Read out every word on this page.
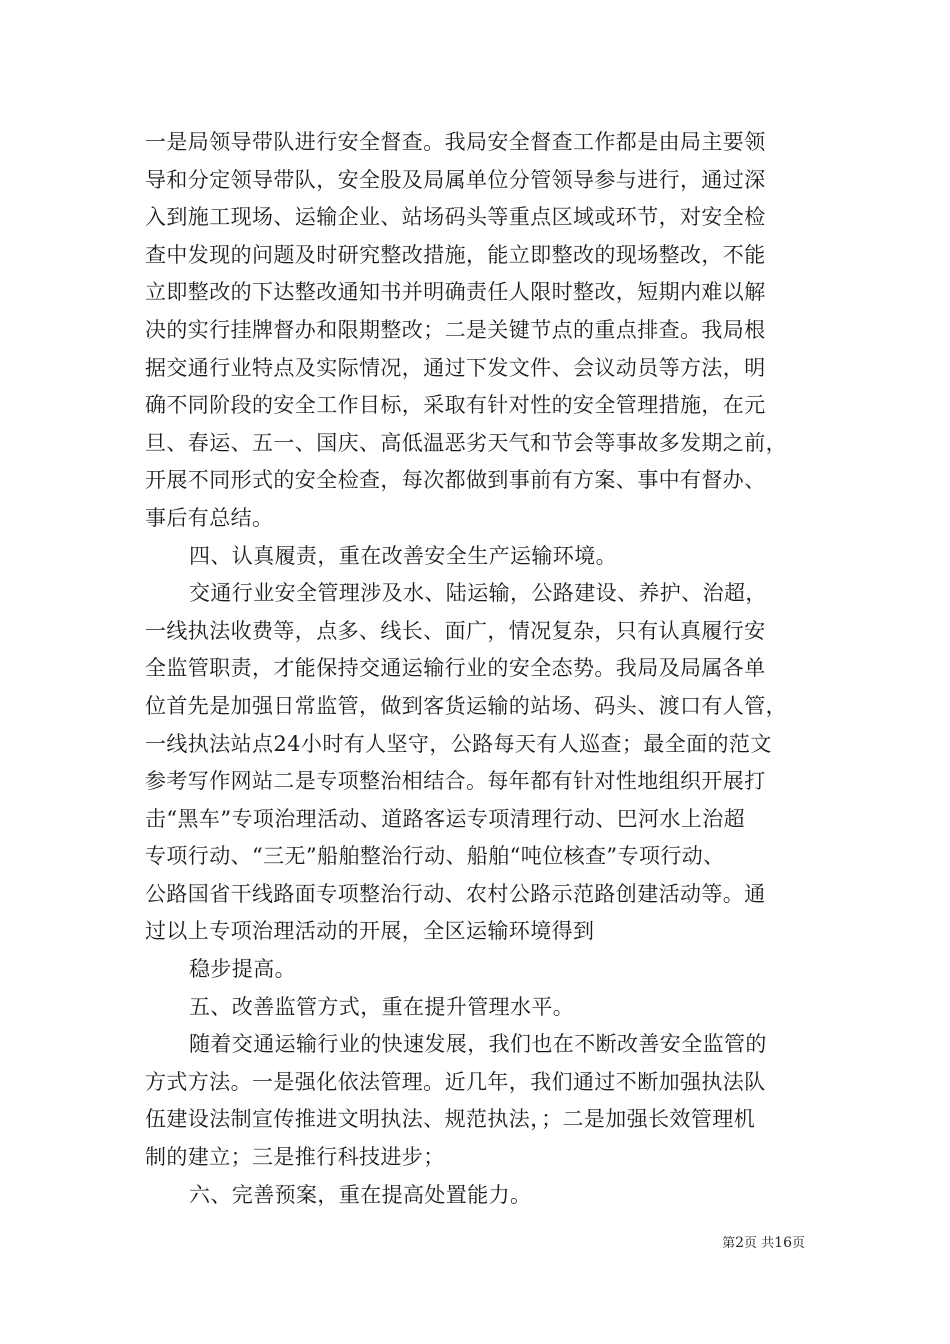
一是局领导带队进行安全督查。我局安全督查工作都是由局主要领
导和分定领导带队，安全股及局属单位分管领导参与进行，通过深
入到施工现场、运输企业、站场码头等重点区域或环节，对安全检
查中发现的问题及时研究整改措施，能立即整改的现场整改，不能
立即整改的下达整改通知书并明确责任人限时整改，短期内难以解
决的实行挂牌督办和限期整改；二是关键节点的重点排查。我局根
据交通行业特点及实际情况，通过下发文件、会议动员等方法，明
确不同阶段的安全工作目标，采取有针对性的安全管理措施，在元
旦、春运、五一、国庆、高低温恶劣天气和节会等事故多发期之前，
开展不同形式的安全检查，每次都做到事前有方案、事中有督办、
事后有总结。
四、认真履责，重在改善安全生产运输环境。
交通行业安全管理涉及水、陆运输，公路建设、养护、治超，
一线执法收费等，点多、线长、面广，情况复杂，只有认真履行安
全监管职责，才能保持交通运输行业的安全态势。我局及局属各单
位首先是加强日常监管，做到客货运输的站场、码头、渡口有人管，
一线执法站点24小时有人坚守，公路每天有人巡查；最全面的范文
参考写作网站二是专项整治相结合。每年都有针对性地组织开展打
击“黑车”专项治理活动、道路客运专项清理行动、巴河水上治超
专项行动、“三无”船舶整治行动、船舶“吨位核查”专项行动、
公路国省干线路面专项整治行动、农村公路示范路创建活动等。通
过以上专项治理活动的开展，全区运输环境得到
稳步提高。
五、改善监管方式，重在提升管理水平。
随着交通运输行业的快速发展，我们也在不断改善安全监管的
方式方法。一是强化依法管理。近几年，我们通过不断加强执法队
伍建设法制宣传推进文明执法、规范执法，；二是加强长效管理机
制的建立；三是推行科技进步；
六、完善预案，重在提高处置能力。
第2页 共16页
